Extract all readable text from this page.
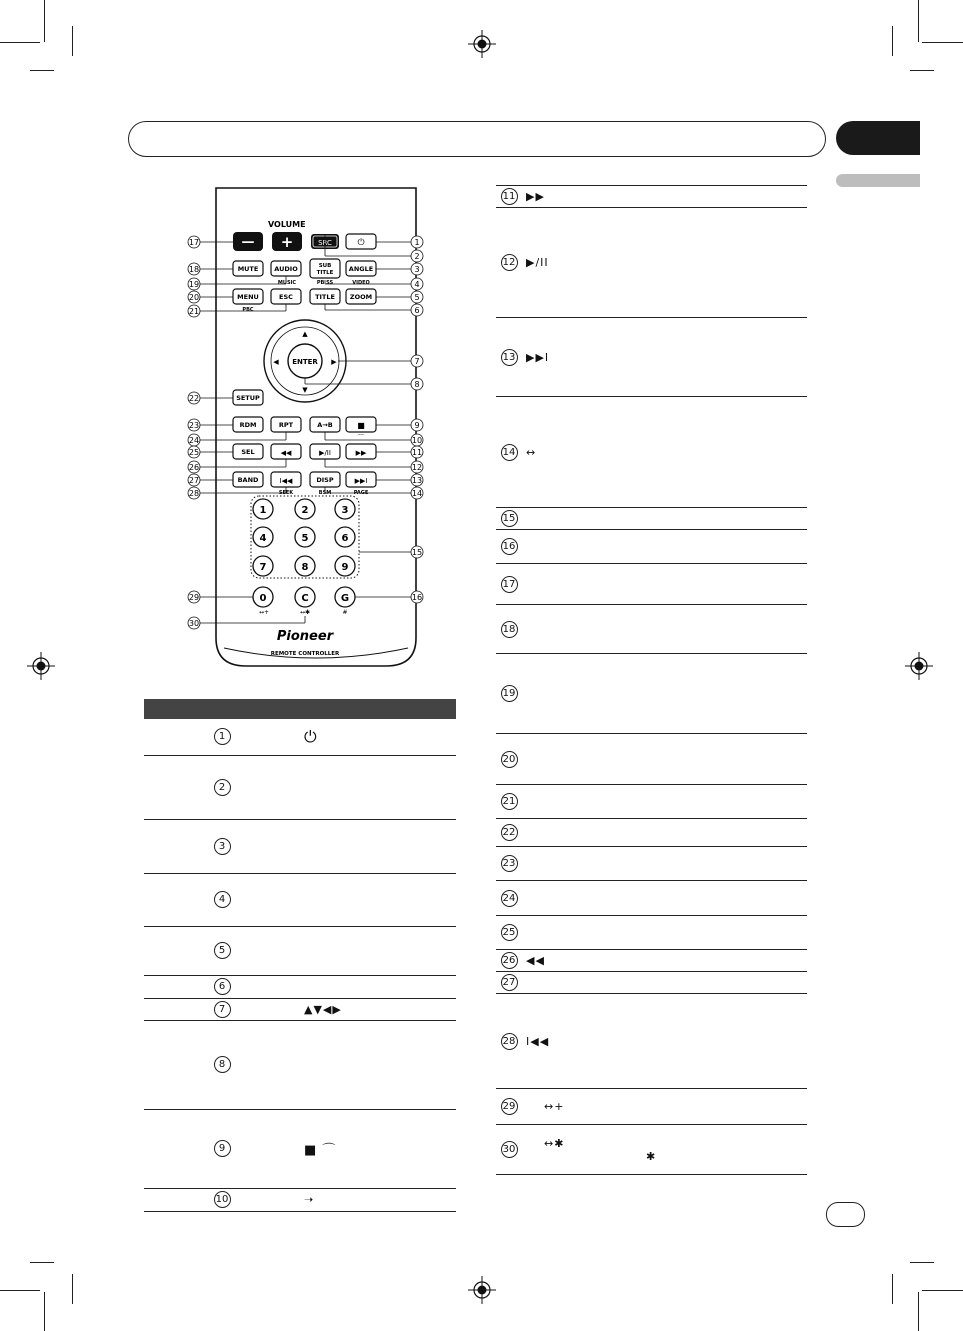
VOLUME
— +	SRC	⏻
MUTE AUDIO	SUB
TITLE ANGLE
MUSIC	PB SS	VIDEO
MENU	ESC	TITLE ZOOM
PBC
▲
▼
◀	▶
ENTER
SETUP
RDM	RPT	A→B	■
⌒
SEL	◀◀	▶/II	▶▶
BAND	I◀◀	DISP	▶▶I
SEEK	BSM	PAGE
1	2	3
4	5	6
7	8	9
0	C	G
↔+	↔✱	#
Pioneer
REMOTE CONTROLLER
17	1
2
3
4
5
6
18
19
20
21
7
8
22
23	9
24	10
25	11
26	12
27	13
28	14
15
29	16
30

1	⏻
2	
3	
4	
5	
6	
7	▲▼◀▶
8	
9	■ ⌒
10	➝
11	▶▶
12	▶/II
13	▶▶I
14	↔
15	
16	
17	
18	
19	
20	
21	
22	
23	
24	
25	
26	◀◀
27	
28	I◀◀
29	↔+
30	↔✱
✱
